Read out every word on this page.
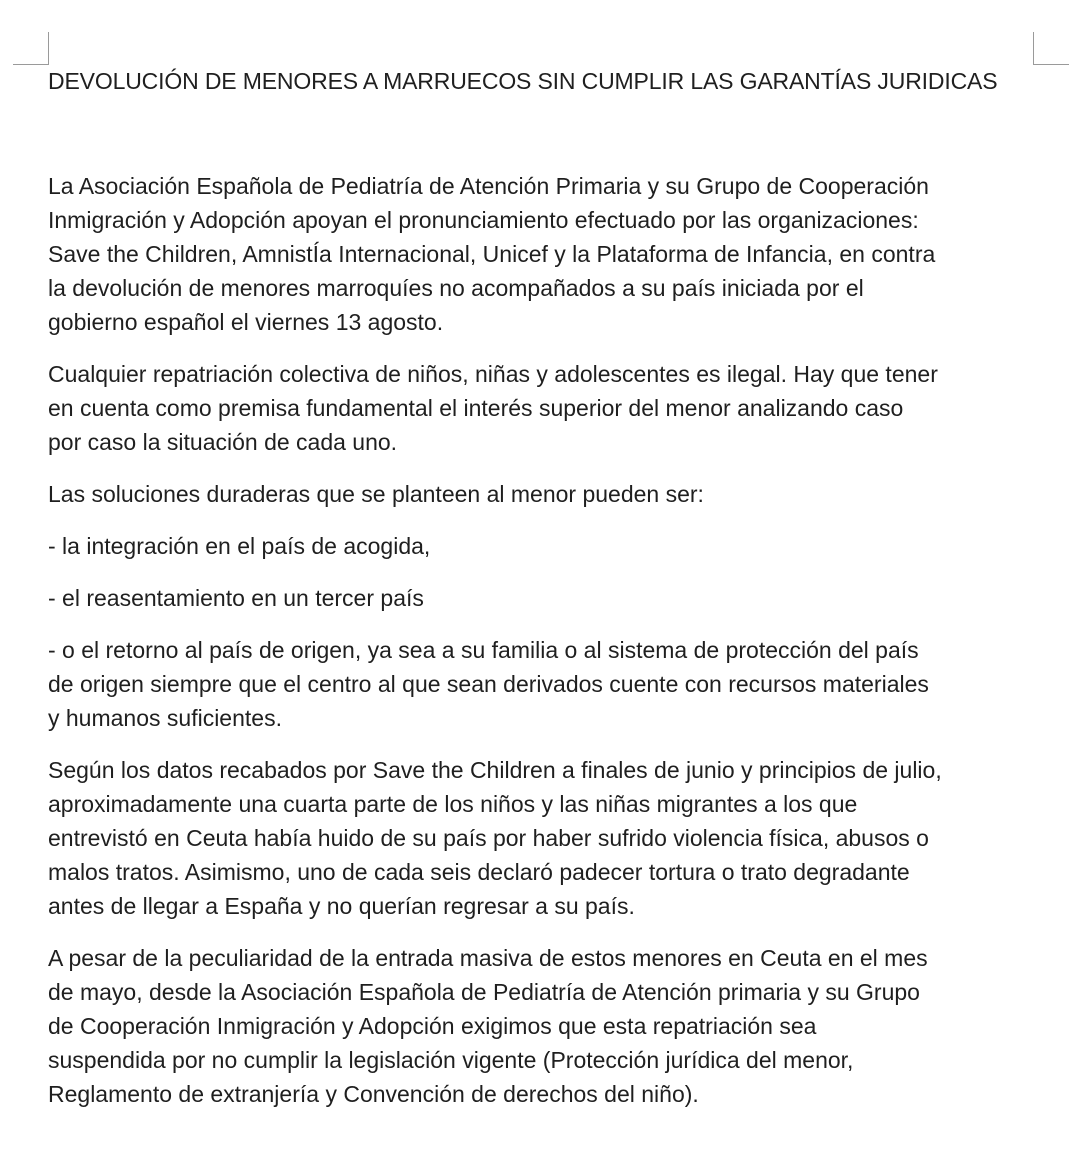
DEVOLUCIÓN DE MENORES A MARRUECOS SIN CUMPLIR LAS GARANTÍAS JURIDICAS

La Asociación Española de Pediatría de Atención Primaria y su Grupo de Cooperación
Inmigración y Adopción apoyan el pronunciamiento efectuado por las organizaciones:
Save the Children, AmnistÍa Internacional, Unicef y la Plataforma de Infancia, en contra
la devolución de menores marroquíes no acompañados a su país iniciada por el
gobierno español el viernes 13 agosto.

Cualquier repatriación colectiva de niños, niñas y adolescentes es ilegal. Hay que tener
en cuenta como premisa fundamental el interés superior del menor analizando caso
por caso la situación de cada uno.

Las soluciones duraderas que se planteen al menor pueden ser:

- la integración en el país de acogida,

- el reasentamiento en un tercer país

- o el retorno al país de origen, ya sea a su familia o al sistema de protección del país
de origen siempre que el centro al que sean derivados cuente con recursos materiales
y humanos suficientes.

Según los datos recabados por Save the Children a finales de junio y principios de julio,
aproximadamente una cuarta parte de los niños y las niñas migrantes a los que
entrevistó en Ceuta había huido de su país por haber sufrido violencia física, abusos o
malos tratos. Asimismo, uno de cada seis declaró padecer tortura o trato degradante
antes de llegar a España y no querían regresar a su país.

A pesar de la peculiaridad de la entrada masiva de estos menores en Ceuta en el mes
de mayo, desde la Asociación Española de Pediatría de Atención primaria y su Grupo
de Cooperación Inmigración y Adopción exigimos que esta repatriación sea
suspendida por no cumplir la legislación vigente (Protección jurídica del menor,
Reglamento de extranjería y Convención de derechos del niño).
